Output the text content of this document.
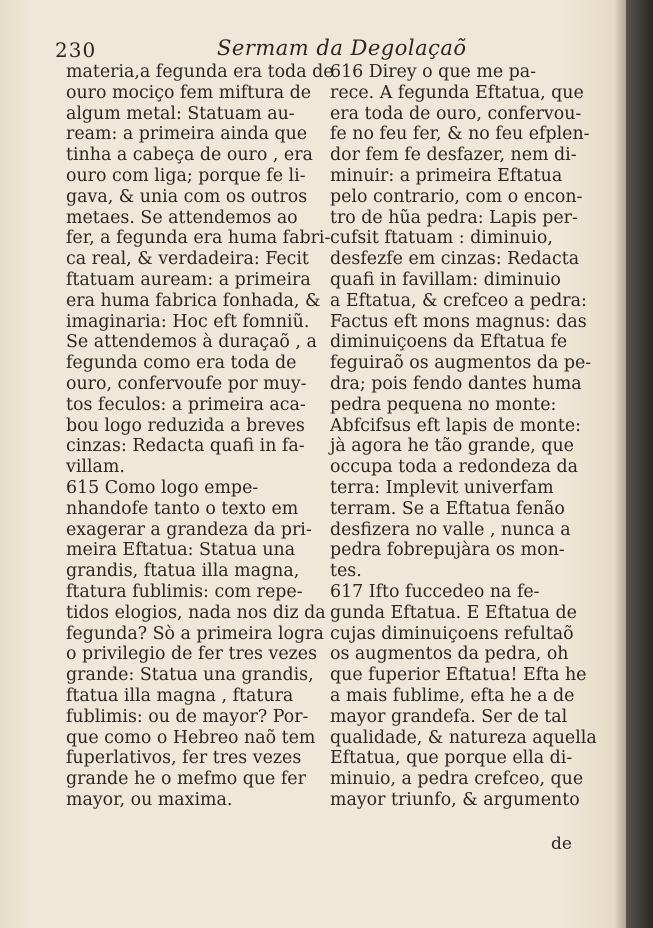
230	Sermam da Degolaçaõ
materia,a fegunda era toda de
ouro mociço fem miftura de
algum metal: Statuam au-
ream: a primeira ainda que
tinha a cabeça de ouro , era
ouro com liga; porque fe li-
gava, & unia com os outros
metaes. Se attendemos ao
fer, a fegunda era huma fabri-
ca real, & verdadeira: Fecit
ftatuam auream: a primeira
era huma fabrica fonhada, &
imaginaria: Hoc eft fomniũ.
Se attendemos à duraçaõ , a
fegunda como era toda de
ouro, confervoufe por muy-
tos feculos: a primeira aca-
bou logo reduzida a breves
cinzas: Redacta quafi in fa-
villam.
615 Como logo empe-
nhandofe tanto o texto em
exagerar a grandeza da pri-
meira Eftatua: Statua una
grandis, ftatua illa magna,
ftatura fublimis: com repe-
tidos elogios, nada nos diz da
fegunda? Sò a primeira logra
o privilegio de fer tres vezes
grande: Statua una grandis,
ftatua illa magna , ftatura
fublimis: ou de mayor? Por-
que como o Hebreo naõ tem
fuperlativos, fer tres vezes
grande he o mefmo que fer
mayor, ou maxima.
616 Direy o que me pa-
rece. A fegunda Eftatua, que
era toda de ouro, confervou-
fe no feu fer, & no feu efplen-
dor fem fe desfazer, nem di-
minuir: a primeira Eftatua
pelo contrario, com o encon-
tro de hũa pedra: Lapis per-
cufsit ftatuam : diminuio,
desfezfe em cinzas: Redacta
quafi in favillam: diminuio
a Eftatua, & crefceo a pedra:
Factus eft mons magnus: das
diminuiçoens da Eftatua fe
feguiraõ os augmentos da pe-
dra; pois fendo dantes huma
pedra pequena no monte:
Abfcifsus eft lapis de monte:
jà agora he tão grande, que
occupa toda a redondeza da
terra: Implevit univerfam
terram. Se a Eftatua fenão
desfizera no valle , nunca a
pedra fobrepujàra os mon-
tes.
617 Ifto fuccedeo na fe-
gunda Eftatua. E Eftatua de
cujas diminuiçoens refultaõ
os augmentos da pedra, oh
que fuperior Eftatua! Efta he
a mais fublime, efta he a de
mayor grandefa. Ser de tal
qualidade, & natureza aquella
Eftatua, que porque ella di-
minuio, a pedra crefceo, que
mayor triunfo, & argumento
de
